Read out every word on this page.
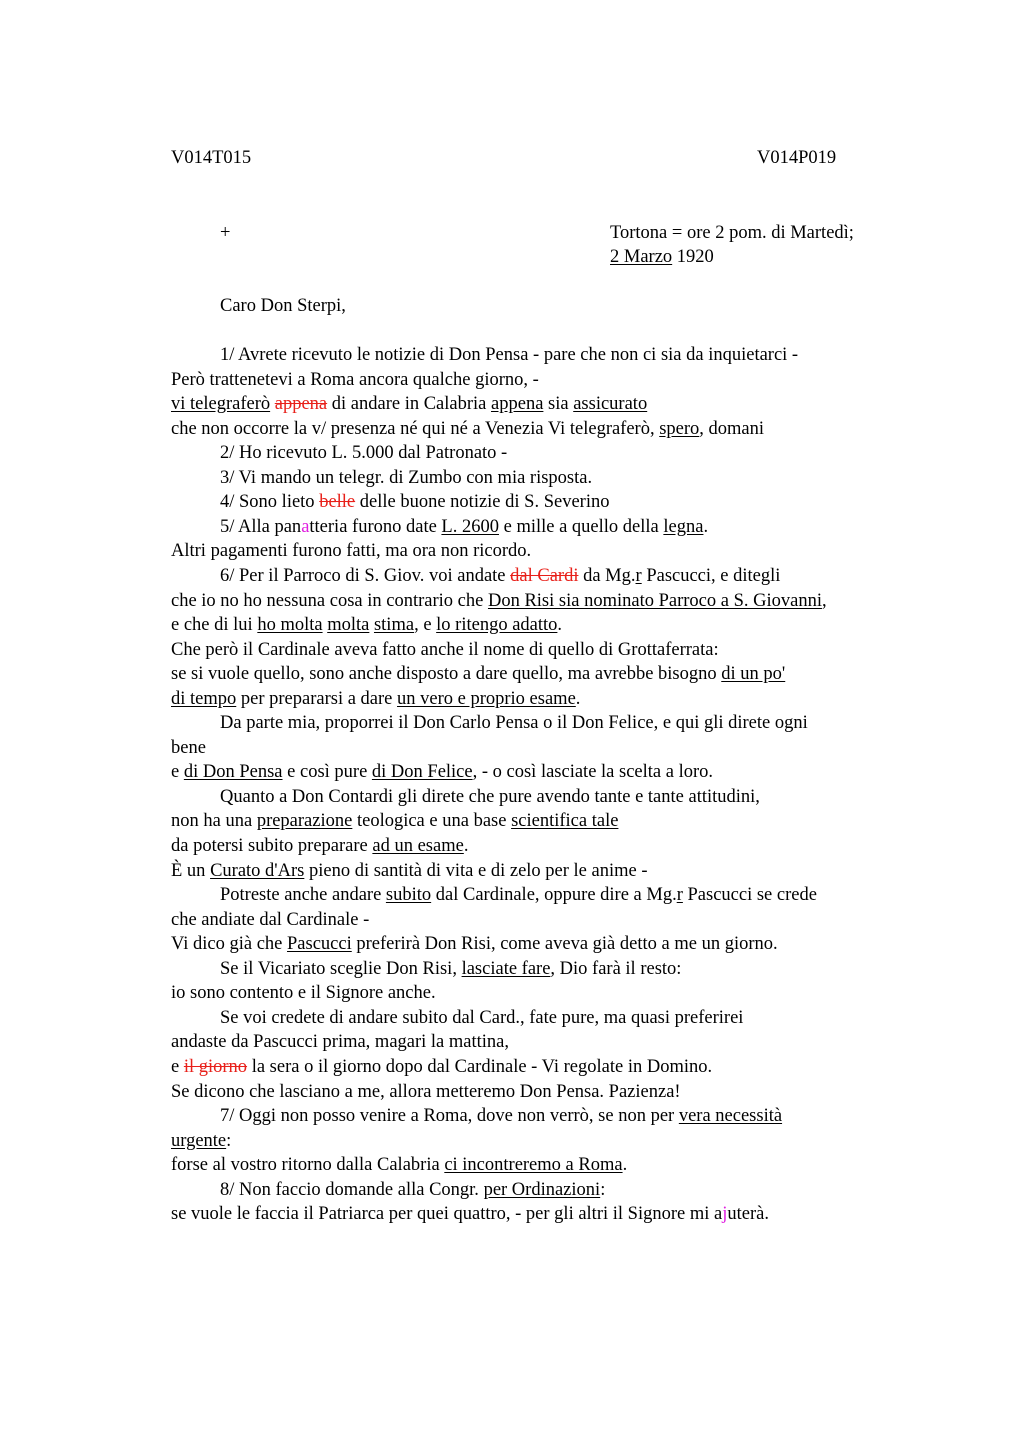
V014T015	V014P019
+	Tortona = ore 2 pom. di Martedì;
2 Marzo 1920
Caro Don Sterpi,
1/ Avrete ricevuto le notizie di Don Pensa - pare che non ci sia da inquietarci -
Però trattenetevi a Roma ancora qualche giorno, -
vi telegraferò appena di andare in Calabria appena sia assicurato
che non occorre la v/ presenza né qui né a Venezia Vi telegraferò, spero, domani
2/ Ho ricevuto L. 5.000 dal Patronato -
3/ Vi mando un telegr. di Zumbo con mia risposta.
4/ Sono lieto belle delle buone notizie di S. Severino
5/ Alla panatteria furono date L. 2600 e mille a quello della legna.
Altri pagamenti furono fatti, ma ora non ricordo.
6/ Per il Parroco di S. Giov. voi andate dal Cardi da Mg.r Pascucci, e ditegli
che io no ho nessuna cosa in contrario che Don Risi sia nominato Parroco a S. Giovanni,
e che di lui ho molta molta stima, e lo ritengo adatto.
Che però il Cardinale aveva fatto anche il nome di quello di Grottaferrata:
se si vuole quello, sono anche disposto a dare quello, ma avrebbe bisogno di un po'
di tempo per prepararsi a dare un vero e proprio esame.
Da parte mia, proporrei il Don Carlo Pensa o il Don Felice, e qui gli direte ogni
bene
e di Don Pensa e così pure di Don Felice, - o così lasciate la scelta a loro.
Quanto a Don Contardi gli direte che pure avendo tante e tante attitudini,
non ha una preparazione teologica e una base scientifica tale
da potersi subito preparare ad un esame.
È un Curato d'Ars pieno di santità di vita e di zelo per le anime -
Potreste anche andare subito dal Cardinale, oppure dire a Mg.r Pascucci se crede
che andiate dal Cardinale -
Vi dico già che Pascucci preferirà Don Risi, come aveva già detto a me un giorno.
Se il Vicariato sceglie Don Risi, lasciate fare, Dio farà il resto:
io sono contento e il Signore anche.
Se voi credete di andare subito dal Card., fate pure, ma quasi preferirei
andaste da Pascucci prima, magari la mattina,
e il giorno la sera o il giorno dopo dal Cardinale - Vi regolate in Domino.
Se dicono che lasciano a me, allora metteremo Don Pensa. Pazienza!
7/ Oggi non posso venire a Roma, dove non verrò, se non per vera necessità
urgente:
forse al vostro ritorno dalla Calabria ci incontreremo a Roma.
8/ Non faccio domande alla Congr. per Ordinazioni:
se vuole le faccia il Patriarca per quei quattro, - per gli altri il Signore mi ajuterà.
